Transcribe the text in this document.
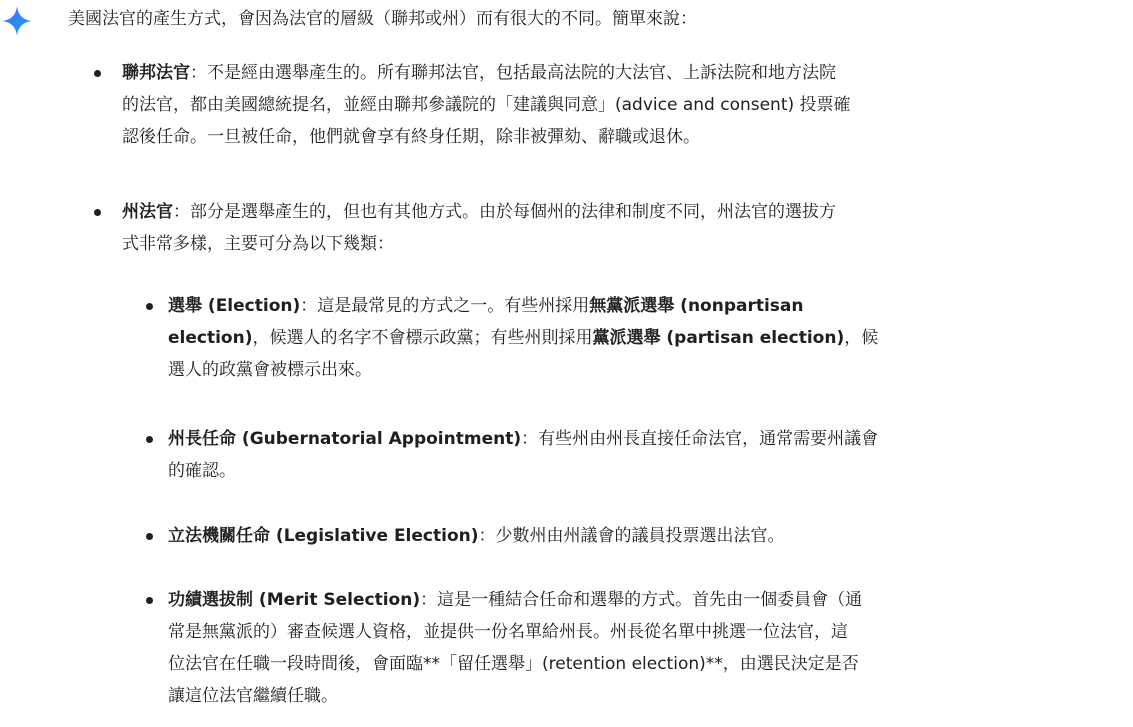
美國法官的產生方式，會因為法官的層級（聯邦或州）而有很大的不同。簡單來說：

聯邦法官：不是經由選舉產生的。所有聯邦法官，包括最高法院的大法官、上訴法院和地方法院
的法官，都由美國總統提名，並經由聯邦參議院的「建議與同意」(advice and consent) 投票確
認後任命。一旦被任命，他們就會享有終身任期，除非被彈劾、辭職或退休。
州法官：部分是選舉產生的，但也有其他方式。由於每個州的法律和制度不同，州法官的選拔方
式非常多樣，主要可分為以下幾類：
選舉 (Election)：這是最常見的方式之一。有些州採用無黨派選舉 (nonpartisan
election)，候選人的名字不會標示政黨；有些州則採用黨派選舉 (partisan election)，候
選人的政黨會被標示出來。
州長任命 (Gubernatorial Appointment)：有些州由州長直接任命法官，通常需要州議會
的確認。
立法機關任命 (Legislative Election)：少數州由州議會的議員投票選出法官。
功績選拔制 (Merit Selection)：這是一種結合任命和選舉的方式。首先由一個委員會（通
常是無黨派的）審查候選人資格，並提供一份名單給州長。州長從名單中挑選一位法官，這
位法官在任職一段時間後，會面臨**「留任選舉」(retention election)**，由選民決定是否
讓這位法官繼續任職。
